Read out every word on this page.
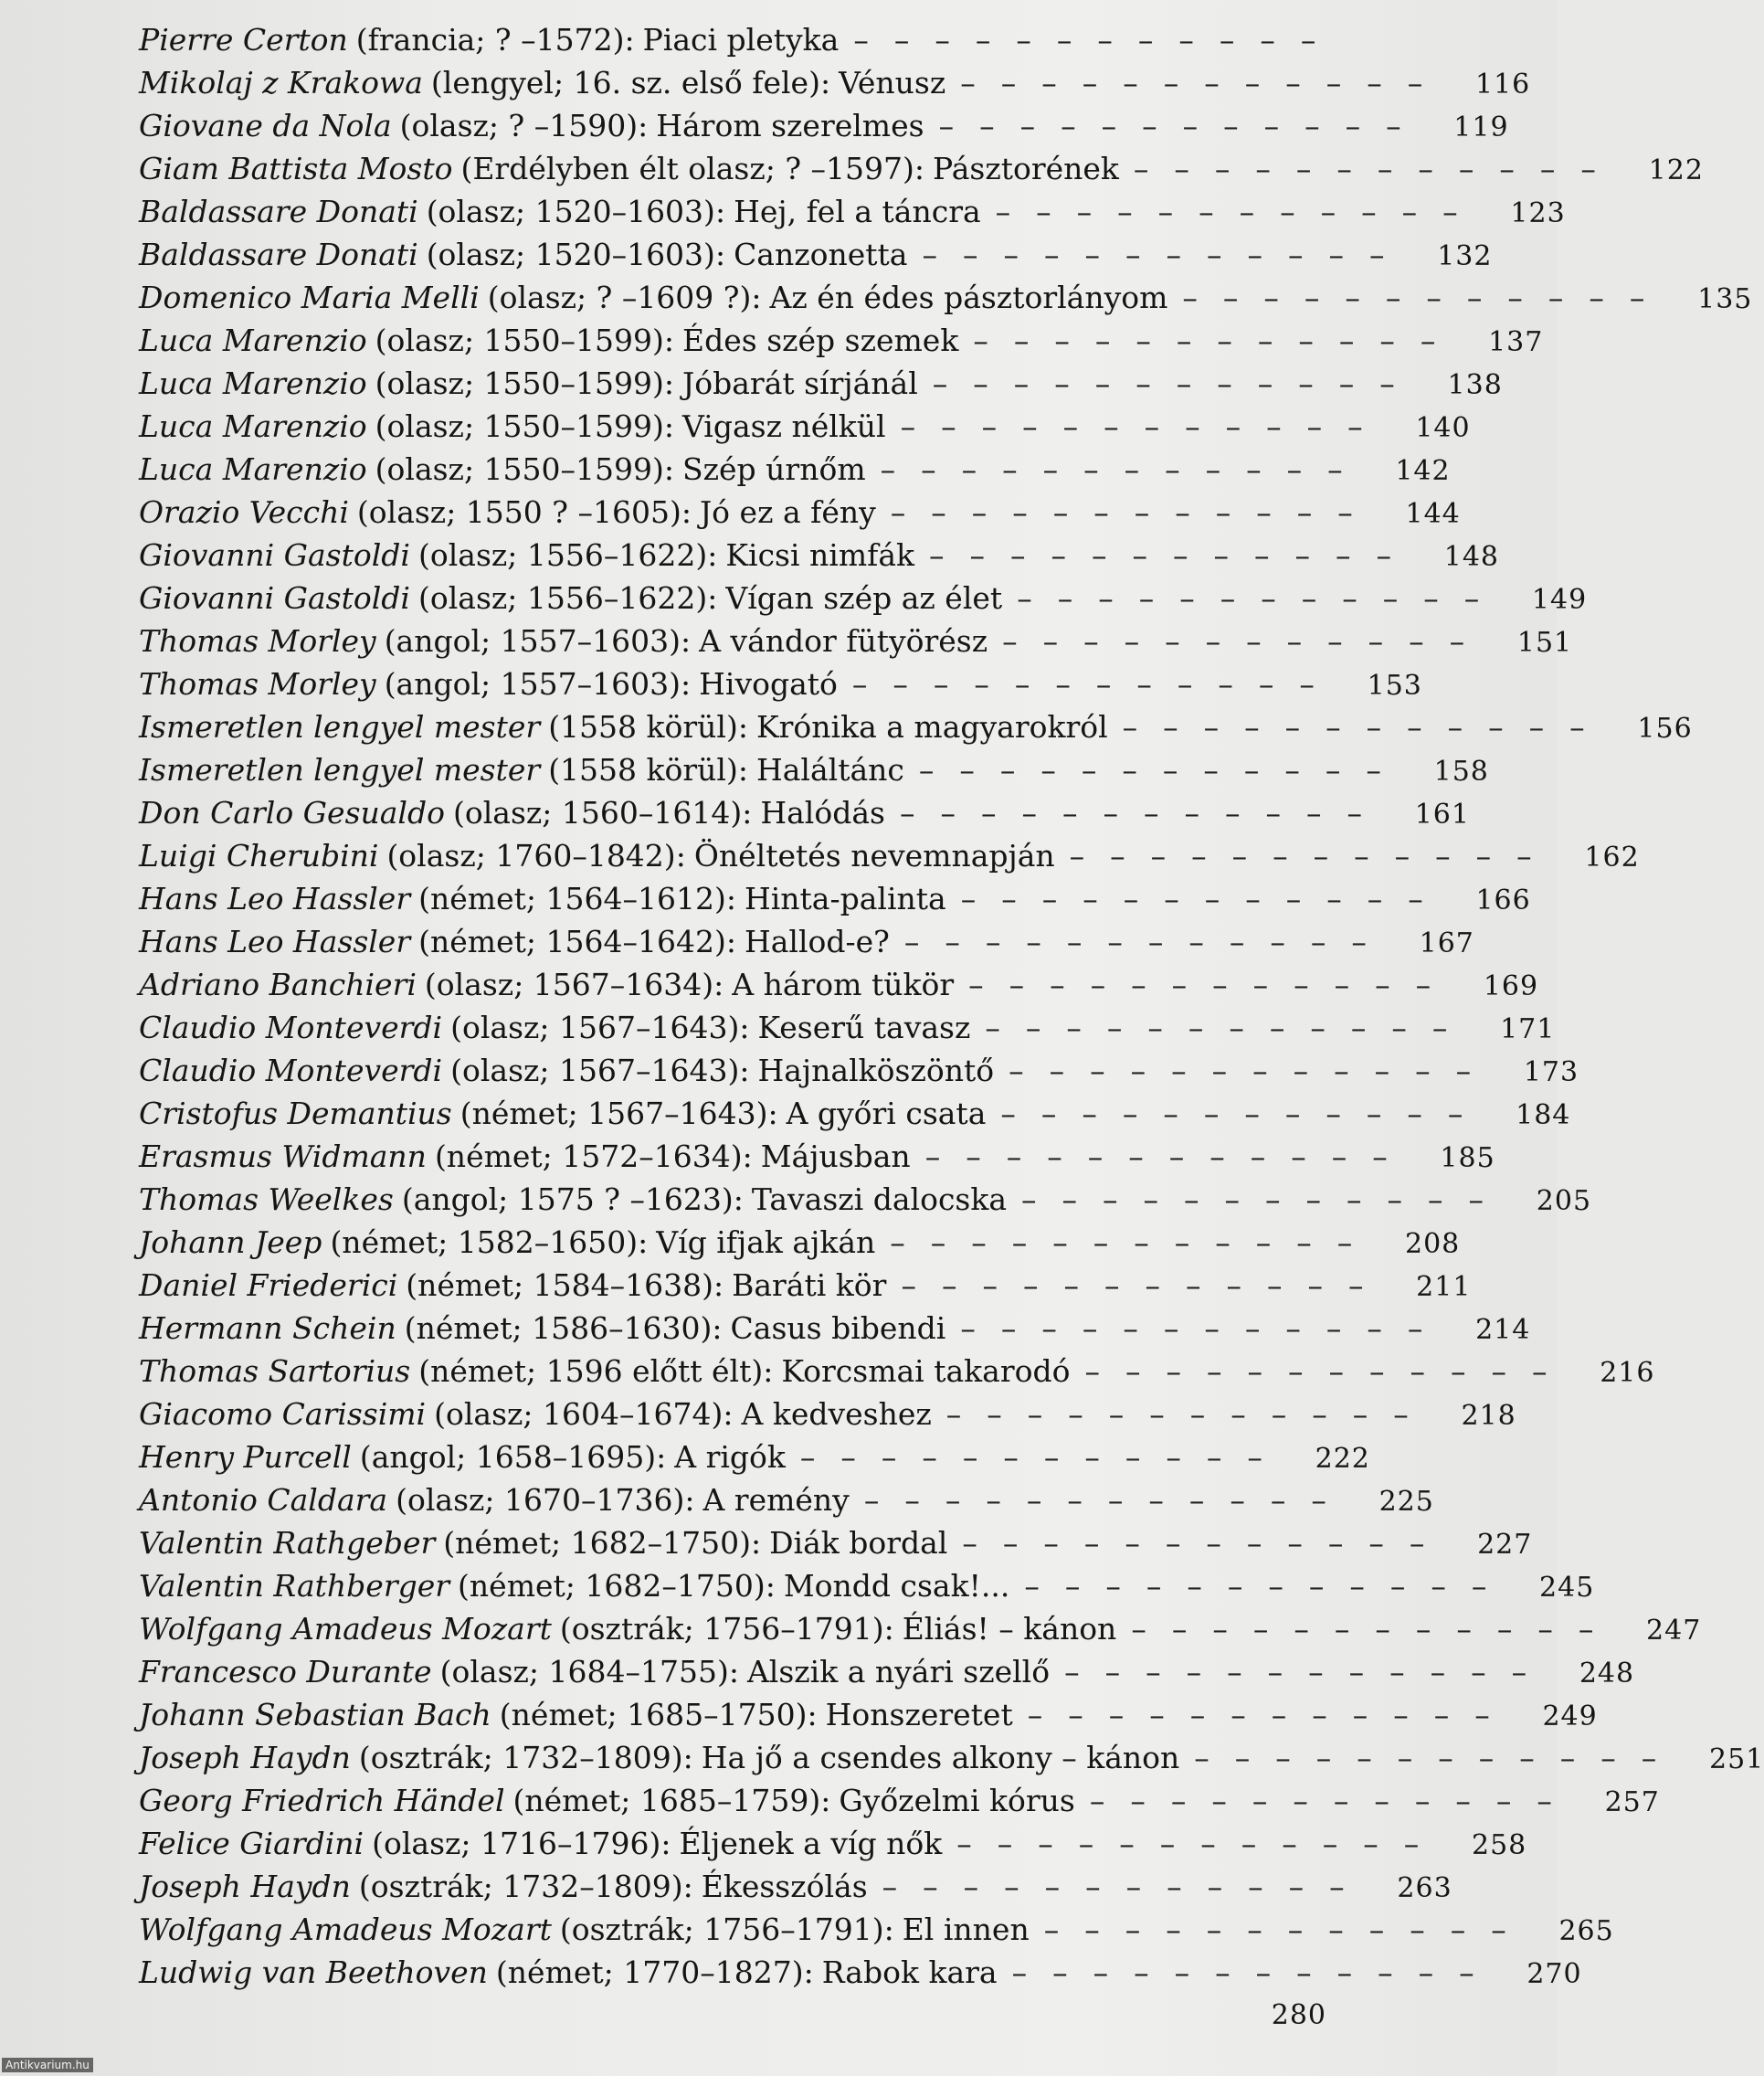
Pierre Certon (francia; ? –1572) : Piaci pletyka ––––––––––––
Mikolaj z Krakowa (lengyel; 16. sz. első fele) : Vénusz –––––––––––– 116
Giovane da Nola (olasz; ? –1590) : Három szerelmes –––––––––––– 119
Giam Battista Mosto (Erdélyben élt olasz; ? –1597) : Pásztorének –––––––––––– 122
Baldassare Donati (olasz; 1520–1603) : Hej, fel a táncra –––––––––––– 123
Baldassare Donati (olasz; 1520–1603) : Canzonetta –––––––––––– 132
Domenico Maria Melli (olasz; ? –1609 ?) : Az én édes pásztorlányom –––––––––––– 135
Luca Marenzio (olasz; 1550–1599) : Édes szép szemek –––––––––––– 137
Luca Marenzio (olasz; 1550–1599) : Jóbarát sírjánál –––––––––––– 138
Luca Marenzio (olasz; 1550–1599) : Vigasz nélkül –––––––––––– 140
Luca Marenzio (olasz; 1550–1599) : Szép úrnőm –––––––––––– 142
Orazio Vecchi (olasz; 1550 ? –1605) : Jó ez a fény –––––––––––– 144
Giovanni Gastoldi (olasz; 1556–1622) : Kicsi nimfák –––––––––––– 148
Giovanni Gastoldi (olasz; 1556–1622) : Vígan szép az élet –––––––––––– 149
Thomas Morley (angol; 1557–1603) : A vándor fütyörész –––––––––––– 151
Thomas Morley (angol; 1557–1603) : Hivogató –––––––––––– 153
Ismeretlen lengyel mester (1558 körül) : Krónika a magyarokról –––––––––––– 156
Ismeretlen lengyel mester (1558 körül) : Haláltánc –––––––––––– 158
Don Carlo Gesualdo (olasz; 1560–1614) : Halódás –––––––––––– 161
Luigi Cherubini (olasz; 1760–1842) : Önéltetés nevemnapján –––––––––––– 162
Hans Leo Hassler (német; 1564–1612) : Hinta-palinta –––––––––––– 166
Hans Leo Hassler (német; 1564–1642) : Hallod-e? –––––––––––– 167
Adriano Banchieri (olasz; 1567–1634) : A három tükör –––––––––––– 169
Claudio Monteverdi (olasz; 1567–1643) : Keserű tavasz –––––––––––– 171
Claudio Monteverdi (olasz; 1567–1643) : Hajnalköszöntő –––––––––––– 173
Cristofus Demantius (német; 1567–1643) : A győri csata –––––––––––– 184
Erasmus Widmann (német; 1572–1634) : Májusban –––––––––––– 185
Thomas Weelkes (angol; 1575 ? –1623) : Tavaszi dalocska –––––––––––– 205
Johann Jeep (német; 1582–1650) : Víg ifjak ajkán –––––––––––– 208
Daniel Friederici (német; 1584–1638) : Baráti kör –––––––––––– 211
Hermann Schein (német; 1586–1630) : Casus bibendi –––––––––––– 214
Thomas Sartorius (német; 1596 előtt élt) : Korcsmai takarodó –––––––––––– 216
Giacomo Carissimi (olasz; 1604–1674) : A kedveshez –––––––––––– 218
Henry Purcell (angol; 1658–1695) : A rigók –––––––––––– 222
Antonio Caldara (olasz; 1670–1736) : A remény –––––––––––– 225
Valentin Rathgeber (német; 1682–1750) : Diák bordal –––––––––––– 227
Valentin Rathberger (német; 1682–1750) : Mondd csak!... –––––––––––– 245
Wolfgang Amadeus Mozart (osztrák; 1756–1791) : Éliás! – kánon –––––––––––– 247
Francesco Durante (olasz; 1684–1755) : Alszik a nyári szellő –––––––––––– 248
Johann Sebastian Bach (német; 1685–1750) : Honszeretet –––––––––––– 249
Joseph Haydn (osztrák; 1732–1809) : Ha jő a csendes alkony – kánon –––––––––––– 251
Georg Friedrich Händel (német; 1685–1759) : Győzelmi kórus –––––––––––– 257
Felice Giardini (olasz; 1716–1796) : Éljenek a víg nők –––––––––––– 258
Joseph Haydn (osztrák; 1732–1809) : Ékesszólás –––––––––––– 263
Wolfgang Amadeus Mozart (osztrák; 1756–1791) : El innen –––––––––––– 265
Ludwig van Beethoven (német; 1770–1827) : Rabok kara –––––––––––– 270
280
Antikvarium.hu
